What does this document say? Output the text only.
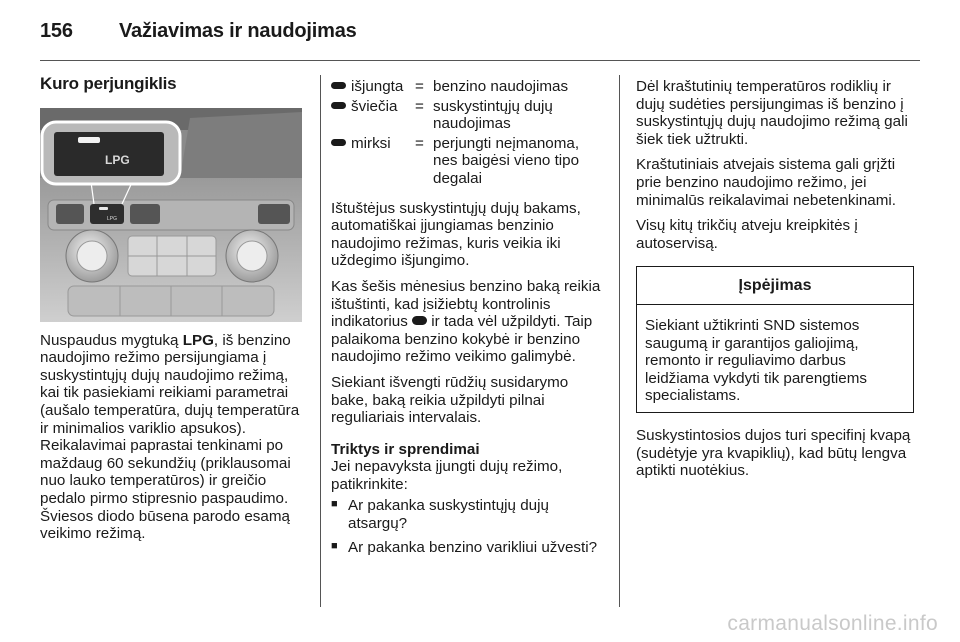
156 Važiavimas ir naudojimas
Kuro perjungiklis
LPG
LPG

Nuspaudus mygtuką LPG, iš benzino naudojimo režimo persijungiama į suskystintųjų dujų naudojimo režimą, kai tik pasiekiami reikiami parametrai (aušalo temperatūra, dujų temperatūra ir minimalios variklio apsukos). Reikalavimai paprastai tenkinami po maždaug 60 sekundžių (priklausomai nuo lauko temperatūros) ir greičio pedalo pirmo stipresnio paspaudimo. Šviesos diodo būsena parodo esamą veikimo režimą.

	išjungta	=	benzino naudojimas
	šviečia	=	suskystintųjų dujų naudojimas
	mirksi	=	perjungti neįmanoma, nes baigėsi vieno tipo degalai

Ištuštėjus suskystintųjų dujų bakams, automatiškai įjungiamas benzinio naudojimo režimas, kuris veikia iki uždegimo išjungimo.

Kas šešis mėnesius benzino baką reikia ištuštinti, kad įsižiebtų kontrolinis indikatorius  ir tada vėl užpildyti. Taip palaikoma benzino kokybė ir benzino naudojimo režimo veikimo galimybė.

Siekiant išvengti rūdžių susidarymo bake, baką reikia užpildyti pilnai reguliariais intervalais.

Triktys ir sprendimai
Jei nepavyksta įjungti dujų režimo, patikrinkite:
■ Ar pakanka suskystintųjų dujų atsargų?
■ Ar pakanka benzino varikliui užvesti?

Dėl kraštutinių temperatūros rodiklių ir dujų sudėties persijungimas iš benzino į suskystintųjų dujų naudojimo režimą gali šiek tiek užtrukti.

Kraštutiniais atvejais sistema gali grįžti prie benzino naudojimo režimo, jei minimalūs reikalavimai nebetenkinami.

Visų kitų trikčių atveju kreipkitės į autoservisą.

Įspėjimas
Siekiant užtikrinti SND sistemos saugumą ir garantijos galiojimą, remonto ir reguliavimo darbus leidžiama vykdyti tik parengtiems specialistams.

Suskystintosios dujos turi specifinį kvapą (sudėtyje yra kvapiklių), kad būtų lengva aptikti nuotėkius.

carmanualsonline.info
